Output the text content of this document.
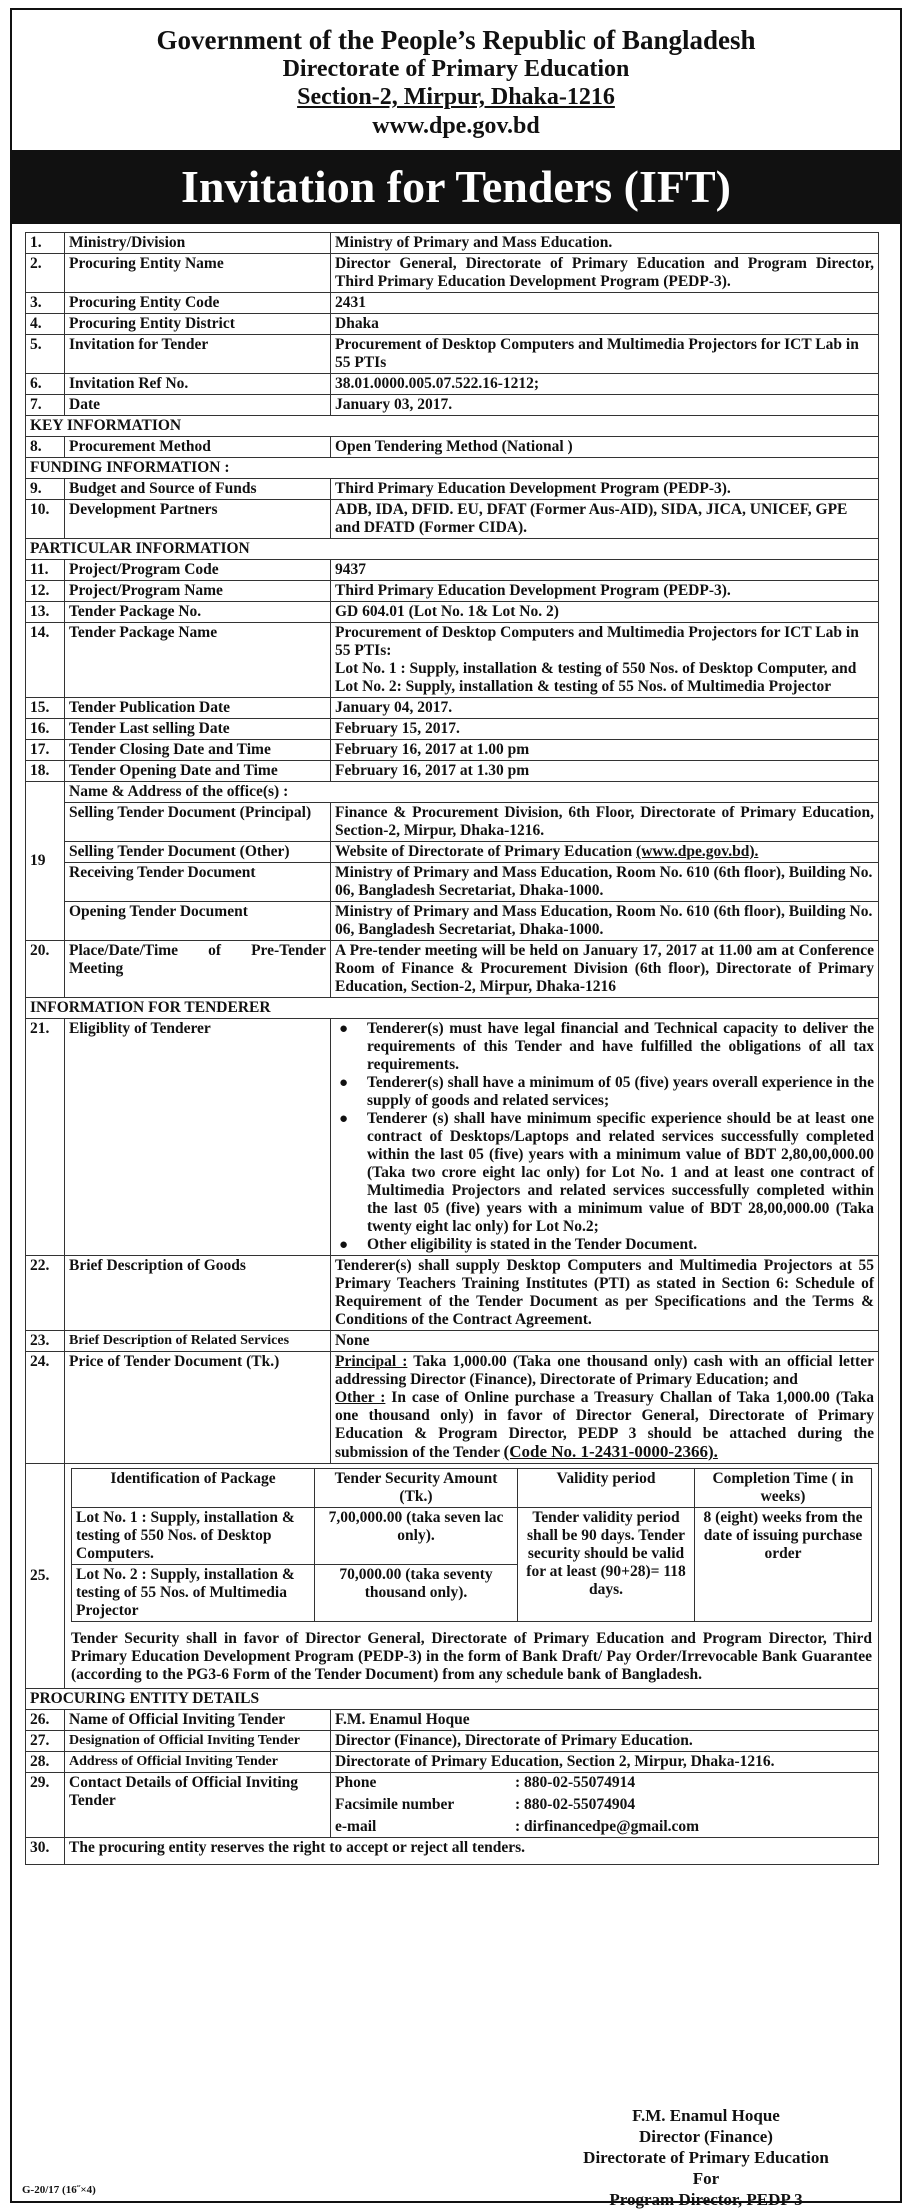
Government of the People’s Republic of Bangladesh
Directorate of Primary Education
Section-2, Mirpur, Dhaka-1216
www.dpe.gov.bd
Invitation for Tenders (IFT)
1.	Ministry/Division	Ministry of Primary and Mass Education.
2.	Procuring Entity Name	Director General, Directorate of Primary Education and Program Director, Third Primary Education Development Program (PEDP-3).
3.	Procuring Entity Code	2431
4.	Procuring Entity District	Dhaka
5.	Invitation for Tender	Procurement of Desktop Computers and Multimedia Projectors for ICT Lab in 55 PTIs
6.	Invitation Ref No.	38.01.0000.005.07.522.16-1212;
7.	Date	January 03, 2017.
KEY INFORMATION
8.	Procurement Method	Open Tendering Method (National )
FUNDING INFORMATION :
9.	Budget and Source of Funds	Third Primary Education Development Program (PEDP-3).
10.	Development Partners	ADB, IDA, DFID. EU, DFAT (Former Aus-AID), SIDA, JICA, UNICEF, GPE and DFATD (Former CIDA).
PARTICULAR INFORMATION
11.	Project/Program Code	9437
12.	Project/Program Name	Third Primary Education Development Program (PEDP-3).
13.	Tender Package No.	GD 604.01 (Lot No. 1& Lot No. 2)
14.	Tender Package Name	Procurement of Desktop Computers and Multimedia Projectors for ICT Lab in 55 PTIs:
Lot No. 1 : Supply, installation & testing of 550 Nos. of Desktop Computer, and
Lot No. 2: Supply, installation & testing of 55 Nos. of Multimedia Projector

15.	Tender Publication Date	January 04, 2017.
16.	Tender Last selling Date	February 15, 2017.
17.	Tender Closing Date and Time	February 16, 2017 at 1.00 pm
18.	Tender Opening Date and Time	February 16, 2017 at 1.30 pm
19	Name & Address of the office(s) :
Selling Tender Document (Principal)	Finance & Procurement Division, 6th Floor, Directorate of Primary Education, Section-2, Mirpur, Dhaka-1216.
Selling Tender Document (Other)	Website of Directorate of Primary Education (www.dpe.gov.bd).
Receiving Tender Document	Ministry of Primary and Mass Education, Room No. 610 (6th floor), Building No. 06, Bangladesh Secretariat, Dhaka-1000.
Opening Tender Document	Ministry of Primary and Mass Education, Room No. 610 (6th floor), Building No. 06, Bangladesh Secretariat, Dhaka-1000.
20.	Place/Date/Time of Pre-Tender Meeting	A Pre-tender meeting will be held on January 17, 2017 at 11.00 am at Conference Room of Finance & Procurement Division (6th floor), Directorate of Primary Education, Section-2, Mirpur, Dhaka-1216
INFORMATION FOR TENDERER
21.	Eligiblity of Tenderer	
●Tenderer(s) must have legal financial and Technical capacity to deliver the requirements of this Tender and have fulfilled the obligations of all tax requirements.
● Tenderer(s) shall have a minimum of 05 (five) years overall experience in the supply of goods and related services;
● Tenderer (s) shall have minimum specific experience should be at least one contract of Desktops/Laptops and related services successfully completed within the last 05 (five) years with a minimum value of BDT 2,80,00,000.00 (Taka two crore eight lac only) for Lot No. 1 and at least one contract of Multimedia Projectors and related services successfully completed within the last 05 (five) years with a minimum value of BDT 28,00,000.00 (Taka twenty eight lac only) for Lot No.2;
● Other eligibility is stated in the Tender Document.

22.	Brief Description of Goods	Tenderer(s) shall supply Desktop Computers and Multimedia Projectors at 55 Primary Teachers Training Institutes (PTI) as stated in Section 6: Schedule of Requirement of the Tender Document as per Specifications and the Terms & Conditions of the Contract Agreement.
23.	Brief Description of Related Services	None
24.	Price of Tender Document (Tk.)	Principal : Taka 1,000.00 (Taka one thousand only) cash with an official letter addressing Director (Finance), Directorate of Primary Education; and
Other : In case of Online purchase a Treasury Challan of Taka 1,000.00 (Taka one thousand only) in favor of Director General, Directorate of Primary Education & Program Director, PEDP 3 should be attached during the submission of the Tender (Code No. 1-2431-0000-2366).

25.	
Identification of Package	Tender Security Amount (Tk.)	Validity period	Completion Time ( in weeks)
Lot No. 1 : Supply, installation & testing of 550 Nos. of Desktop Computers.	7,00,000.00 (taka seven lac only).	Tender validity period shall be 90 days. Tender security should be valid for at least (90+28)= 118 days.	8 (eight) weeks from the date of issuing purchase order
Lot No. 2 : Supply, installation & testing of 55 Nos. of Multimedia Projector	70,000.00 (taka seventy thousand only).
Tender Security shall in favor of Director General, Directorate of Primary Education and Program Director, Third Primary Education Development Program (PEDP-3) in the form of Bank Draft/ Pay Order/Irrevocable Bank Guarantee (according to the PG3-6 Form of the Tender Document) from any schedule bank of Bangladesh.

PROCURING ENTITY DETAILS
26.	Name of Official Inviting Tender	F.M. Enamul Hoque
27.	Designation of Official Inviting Tender	Director (Finance), Directorate of Primary Education.
28.	Address of Official Inviting Tender	Directorate of Primary Education, Section 2, Mirpur, Dhaka-1216.
29.	Contact Details of Official Inviting Tender	
Phone	: 880-02-55074914
Facsimile number	: 880-02-55074904
e-mail	: dirfinancedpe@gmail.com

30.	The procuring entity reserves the right to accept or reject all tenders.
F.M. Enamul Hoque
Director (Finance)
Directorate of Primary Education
For
Program Director, PEDP 3
G-20/17 (16˝×4)
